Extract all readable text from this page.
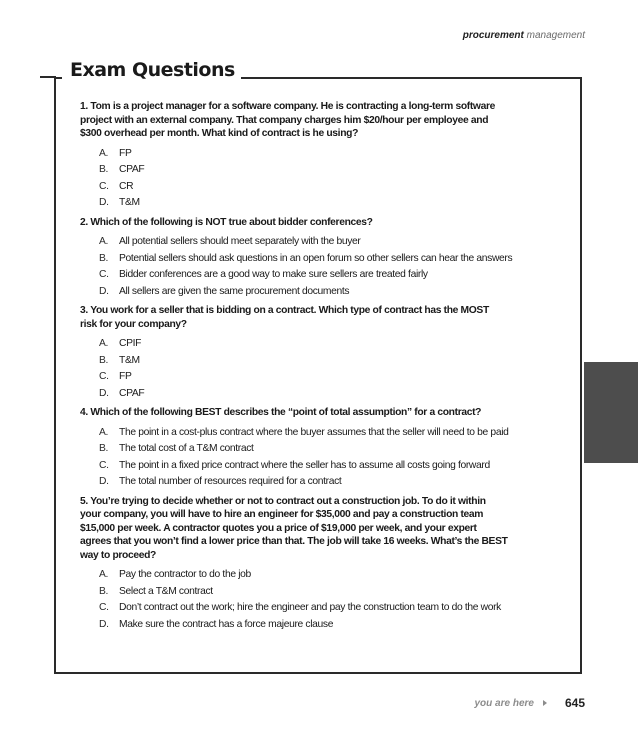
procurement management
Exam Questions

1. Tom is a project manager for a software company. He is contracting a long-term software project with an external company. That company charges him $20/hour per employee and $300 overhead per month. What kind of contract is he using?

A.	FP
B.	CPAF
C.	CR
D.	T&M

2. Which of the following is NOT true about bidder conferences?

A.	All potential sellers should meet separately with the buyer
B.	Potential sellers should ask questions in an open forum so other sellers can hear the answers
C.	Bidder conferences are a good way to make sure sellers are treated fairly
D.	All sellers are given the same procurement documents

3. You work for a seller that is bidding on a contract. Which type of contract has the MOST risk for your company?

A.	CPIF
B.	T&M
C.	FP
D.	CPAF

4. Which of the following BEST describes the “point of total assumption” for a contract?

A.	The point in a cost-plus contract where the buyer assumes that the seller will need to be paid
B.	The total cost of a T&M contract
C.	The point in a fixed price contract where the seller has to assume all costs going forward
D.	The total number of resources required for a contract

5. You’re trying to decide whether or not to contract out a construction job. To do it within your company, you will have to hire an engineer for $35,000 and pay a construction team $15,000 per week. A contractor quotes you a price of $19,000 per week, and your expert agrees that you won’t find a lower price than that. The job will take 16 weeks. What’s the BEST way to proceed?

A.	Pay the contractor to do the job
B.	Select a T&M contract
C.	Don’t contract out the work; hire the engineer and pay the construction team to do the work
D.	Make sure the contract has a force majeure clause
you are here	645
